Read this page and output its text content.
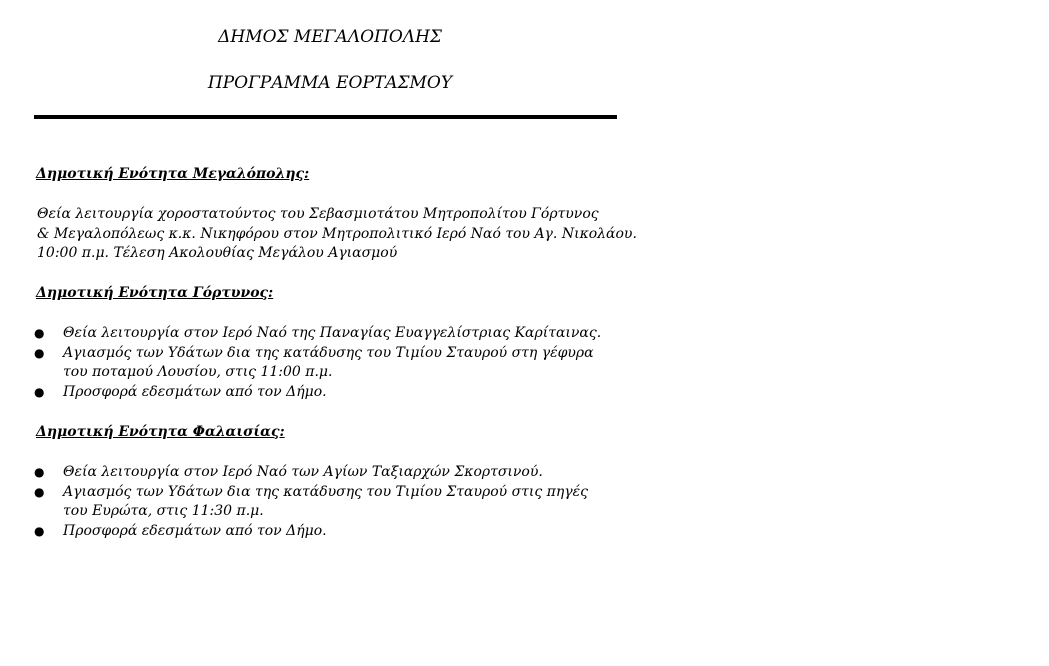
ΔΗΜΟΣ ΜΕΓΑΛΟΠΟΛΗΣ
ΠΡΟΓΡΑΜΜΑ ΕΟΡΤΑΣΜΟΥ
Δημοτική Ενότητα Μεγαλόπολης:
Θεία λειτουργία χοροστατούντος του Σεβασμιοτάτου Μητροπολίτου Γόρτυνος
& Μεγαλοπόλεως κ.κ. Νικηφόρου στον Μητροπολιτικό Ιερό Ναό του Αγ. Νικολάου.
10:00 π.μ. Τέλεση Ακολουθίας Μεγάλου Αγιασμού
Δημοτική Ενότητα Γόρτυνος:
● Θεία λειτουργία στον Ιερό Ναό της Παναγίας Ευαγγελίστριας Καρίταινας.
● Αγιασμός των Υδάτων δια της κατάδυσης του Τιμίου Σταυρού στη γέφυρα
του ποταμού Λουσίου, στις 11:00 π.μ.
● Προσφορά εδεσμάτων από τον Δήμο.
Δημοτική Ενότητα Φαλαισίας:
● Θεία λειτουργία στον Ιερό Ναό των Αγίων Ταξιαρχών Σκορτσινού.
● Αγιασμός των Υδάτων δια της κατάδυσης του Τιμίου Σταυρού στις πηγές
του Ευρώτα, στις 11:30 π.μ.
● Προσφορά εδεσμάτων από τον Δήμο.
